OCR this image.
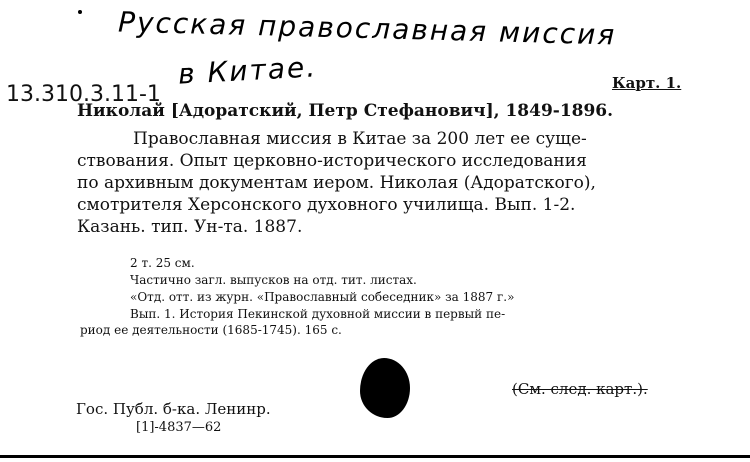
Русская православная миссия
в Китае.
13.310.3.11-1	Карт. 1.
Николай [Адоратский, Петр Стефанович], 1849-1896.

Православная миссия в Китае за 200 лет ее суще-

ствования. Опыт церковно-исторического исследования

по архивным документам иером. Николая (Адоратского),

смотрителя Херсонского духовного училища. Вып. 1-2.

Казань. тип. Ун-та. 1887.

2 т. 25 см.
Частично загл. выпусков на отд. тит. листах.
«Отд. отт. из журн. «Православный собеседник» за 1887 г.»
Вып. 1. История Пекинской духовной миссии в первый пе-
риод ее деятельности (1685-1745). 165 с.
(См. след. карт.).
Гос. Публ. б-ка. Ленинр.
[1]-4837—62
